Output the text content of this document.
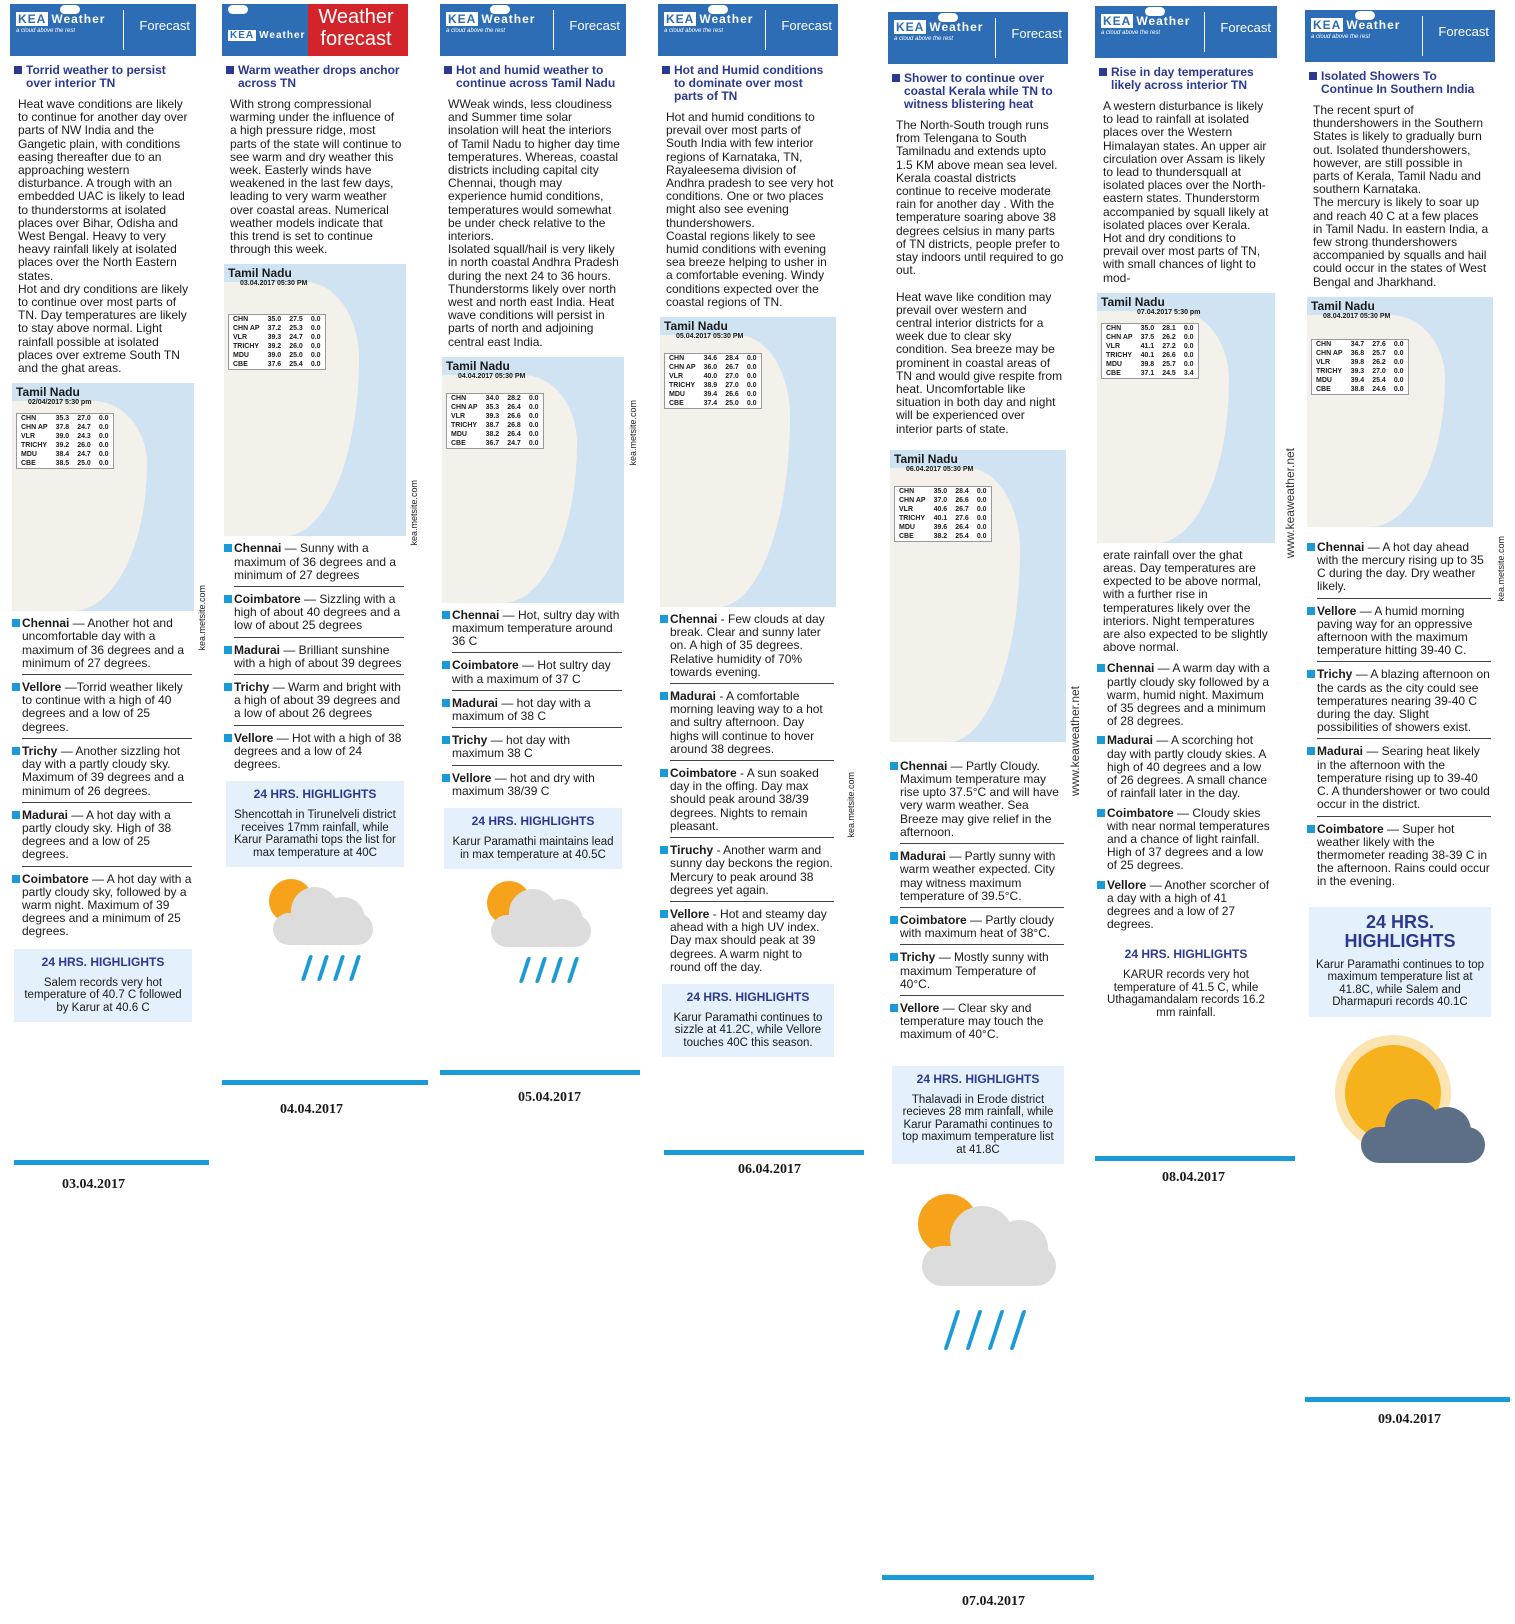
KEA Weather
a cloud above the rest	Forecast
Torrid weather to persist over interior TN
Heat wave conditions are likely to continue for another day over parts of NW India and the Gangetic plain, with conditions easing thereafter due to an approaching western disturbance. A trough with an embedded UAC is likely to lead to thunderstorms at isolated places over Bihar, Odisha and West Bengal. Heavy to very heavy rainfall likely at isolated places over the North Eastern states.
Hot and dry conditions are likely to continue over most parts of TN. Day temperatures are likely to stay above normal. Light rainfall possible at isolated places over extreme South TN and the ghat areas.
Tamil Nadu
02/04/2017 5:30 pm
CHN	35.3	27.0	0.0
CHN AP	37.8	24.7	0.0
VLR	39.0	24.3	0.0
TRICHY	39.2	26.0	0.0
MDU	38.4	24.7	0.0
CBE	38.5	25.0	0.0
Chennai — Another hot and uncomfortable day with a maximum of 36 degrees and a minimum of 27 degrees.
Vellore —Torrid weather likely to continue with a high of 40 degrees and a low of 25 degrees.
Trichy — Another sizzling hot day with a partly cloudy sky. Maximum of 39 degrees and a minimum of 26 degrees.
Madurai — A hot day with a partly cloudy sky. High of 38 degrees and a low of 25 degrees.
Coimbatore — A hot day with a partly cloudy sky, followed by a warm night. Maximum of 39 degrees and a minimum of 25 degrees.
24 HRS. HIGHLIGHTS
Salem records very hot temperature of 40.7 C followed by Karur at 40.6 C
kea.metsite.com
03.04.2017
KEA Weather
Weather forecast
Warm weather drops anchor across TN
With strong compressional warming under the influence of a high pressure ridge, most parts of the state will continue to see warm and dry weather this week. Easterly winds have weakened in the last few days, leading to very warm weather over coastal areas. Numerical weather models indicate that this trend is set to continue through this week.
Tamil Nadu
03.04.2017 05:30 PM
CHN	35.0	27.5	0.0
CHN AP	37.2	25.3	0.0
VLR	39.3	24.7	0.0
TRICHY	39.2	26.0	0.0
MDU	39.0	25.0	0.0
CBE	37.6	25.4	0.0
Chennai — Sunny with a maximum of 36 degrees and a minimum of 27 degrees
Coimbatore — Sizzling with a high of about 40 degrees and a low of about 25 degrees
Madurai — Brilliant sunshine with a high of about 39 degrees
Trichy — Warm and bright with a high of about 39 degrees and a low of about 26 degrees
Vellore — Hot with a high of 38 degrees and a low of 24 degrees.
24 HRS. HIGHLIGHTS
Shencottah in Tirunelveli district receives 17mm rainfall, while Karur Paramathi tops the list for max temperature at 40C
kea.metsite.com
04.04.2017
KEA Weather
a cloud above the rest	Forecast
Hot and humid weather to continue across Tamil Nadu
WWeak winds, less cloudiness and Summer time solar insolation will heat the interiors of Tamil Nadu to higher day time temperatures. Whereas, coastal districts including capital city Chennai, though may experience humid conditions, temperatures would somewhat be under check relative to the interiors.
Isolated squall/hail is very likely in north coastal Andhra Pradesh during the next 24 to 36 hours. Thunderstorms likely over north west and north east India. Heat wave conditions will persist in parts of north and adjoining central east India.
Tamil Nadu
04.04.2017 05:30 PM
CHN	34.0	28.2	0.0
CHN AP	35.3	26.4	0.0
VLR	39.3	26.6	0.0
TRICHY	38.7	26.8	0.0
MDU	38.2	26.4	0.0
CBE	36.7	24.7	0.0
Chennai — Hot, sultry day with maximum temperature around 36 C
Coimbatore — Hot sultry day with a maximum of 37 C
Madurai — hot day with a maximum of 38 C
Trichy — hot day with maximum 38 C
Vellore — hot and dry with maximum 38/39 C
24 HRS. HIGHLIGHTS
Karur Paramathi maintains lead in max temperature at 40.5C
kea.metsite.com
05.04.2017
KEA Weather
a cloud above the rest	Forecast
Hot and Humid conditions to dominate over most parts of TN
Hot and humid conditions to prevail over most parts of South India with few interior regions of Karnataka, TN, Rayaleesema division of Andhra pradesh to see very hot conditions. One or two places might also see evening thundershowers.
Coastal regions likely to see humid conditions with evening sea breeze helping to usher in a comfortable evening. Windy conditions expected over the coastal regions of TN.
Tamil Nadu
05.04.2017 05:30 PM
CHN	34.6	28.4	0.0
CHN AP	36.0	26.7	0.0
VLR	40.0	27.0	0.0
TRICHY	38.9	27.0	0.0
MDU	39.4	26.6	0.0
CBE	37.4	25.0	0.0
Chennai - Few clouds at day break. Clear and sunny later on. A high of 35 degrees. Relative humidity of 70% towards evening.
Madurai - A comfortable morning leaving way to a hot and sultry afternoon. Day highs will continue to hover around 38 degrees.
Coimbatore - A sun soaked day in the offing. Day max should peak around 38/39 degrees. Nights to remain pleasant.
Tiruchy - Another warm and sunny day beckons the region. Mercury to peak around 38 degrees yet again.
Vellore - Hot and steamy day ahead with a high UV index. Day max should peak at 39 degrees. A warm night to round off the day.
24 HRS. HIGHLIGHTS
Karur Paramathi continues to sizzle at 41.2C, while Vellore touches 40C this season.
kea.metsite.com
06.04.2017
KEA Weather
a cloud above the rest	Forecast
Shower to continue over coastal Kerala while TN to witness blistering heat
The North-South trough runs from Telengana to South Tamilnadu and extends upto 1.5 KM above mean sea level. Kerala coastal districts continue to receive moderate rain for another day . With the temperature soaring above 38 degrees celsius in many parts of TN districts, people prefer to stay indoors until required to go out.

Heat wave like condition may prevail over western and central interior districts for a week due to clear sky condition. Sea breeze may be prominent in coastal areas of TN and would give respite from heat. Uncomfortable like situation in both day and night will be experienced over interior parts of state.
Tamil Nadu
06.04.2017 05:30 PM
CHN	35.0	28.4	0.0
CHN AP	37.0	26.6	0.0
VLR	40.6	26.7	0.0
TRICHY	40.1	27.6	0.0
MDU	39.6	26.4	0.0
CBE	38.2	25.4	0.0
Chennai — Partly Cloudy. Maximum temperature may rise upto 37.5°C and will have very warm weather. Sea Breeze may give relief in the afternoon.
Madurai — Partly sunny with warm weather expected. City may witness maximum temperature of 39.5°C.
Coimbatore — Partly cloudy with maximum heat of 38°C.
Trichy — Mostly sunny with maximum Temperature of 40°C.
Vellore — Clear sky and temperature may touch the maximum of 40°C.
24 HRS. HIGHLIGHTS
Thalavadi in Erode district recieves 28 mm rainfall, while Karur Paramathi continues to top maximum temperature list at 41.8C
www.keaweather.net
07.04.2017
KEA Weather
a cloud above the rest	Forecast
Rise in day temperatures likely across interior TN
A western disturbance is likely to lead to rainfall at isolated places over the Western Himalayan states. An upper air circulation over Assam is likely to lead to thundersquall at isolated places over the North-eastern states. Thunderstorm accompanied by squall likely at isolated places over Kerala.
Hot and dry conditions to prevail over most parts of TN, with small chances of light to mod-
Tamil Nadu
07.04.2017 5:30 pm
CHN	35.0	28.1	0.0
CHN AP	37.5	26.2	0.0
VLR	41.1	27.2	0.0
TRICHY	40.1	26.6	0.0
MDU	39.8	25.7	0.0
CBE	37.1	24.5	3.4
erate rainfall over the ghat areas. Day temperatures are expected to be above normal, with a further rise in temperatures likely over the interiors. Night temperatures are also expected to be slightly above normal.
Chennai — A warm day with a partly cloudy sky followed by a warm, humid night. Maximum of 35 degrees and a minimum of 28 degrees.
Madurai — A scorching hot day with partly cloudy skies. A high of 40 degrees and a low of 26 degrees. A small chance of rainfall later in the day.
Coimbatore — Cloudy skies with near normal temperatures and a chance of light rainfall. High of 37 degrees and a low of 25 degrees.
Vellore — Another scorcher of a day with a high of 41 degrees and a low of 27 degrees.
24 HRS. HIGHLIGHTS
KARUR records very hot temperature of 41.5 C, while Uthagamandalam records 16.2 mm rainfall.
www.keaweather.net
08.04.2017
KEA Weather
a cloud above the rest	Forecast
Isolated Showers To Continue In Southern India
The recent spurt of thundershowers in the Southern States is likely to gradually burn out. Isolated thundershowers, however, are still possible in parts of Kerala, Tamil Nadu and southern Karnataka.
The mercury is likely to soar up and reach 40 C at a few places in Tamil Nadu. In eastern India, a few strong thundershowers accompanied by squalls and hail could occur in the states of West Bengal and Jharkhand.
Tamil Nadu
08.04.2017 05:30 PM
CHN	34.7	27.6	0.0
CHN AP	36.8	25.7	0.0
VLR	39.8	26.2	0.0
TRICHY	39.3	27.0	0.0
MDU	39.4	25.4	0.0
CBE	38.8	24.6	0.0
Chennai — A hot day ahead with the mercury rising up to 35 C during the day. Dry weather likely.
Vellore — A humid morning paving way for an oppressive afternoon with the maximum temperature hitting 39-40 C.
Trichy — A blazing afternoon on the cards as the city could see temperatures nearing 39-40 C during the day. Slight possibilities of showers exist.
Madurai — Searing heat likely in the afternoon with the temperature rising up to 39-40 C. A thundershower or two could occur in the district.
Coimbatore — Super hot weather likely with the thermometer reading 38-39 C in the afternoon. Rains could occur in the evening.
24 HRS. HIGHLIGHTS
Karur Paramathi continues to top maximum temperature list at 41.8C, while Salem and Dharmapuri records 40.1C
kea.metsite.com
09.04.2017
